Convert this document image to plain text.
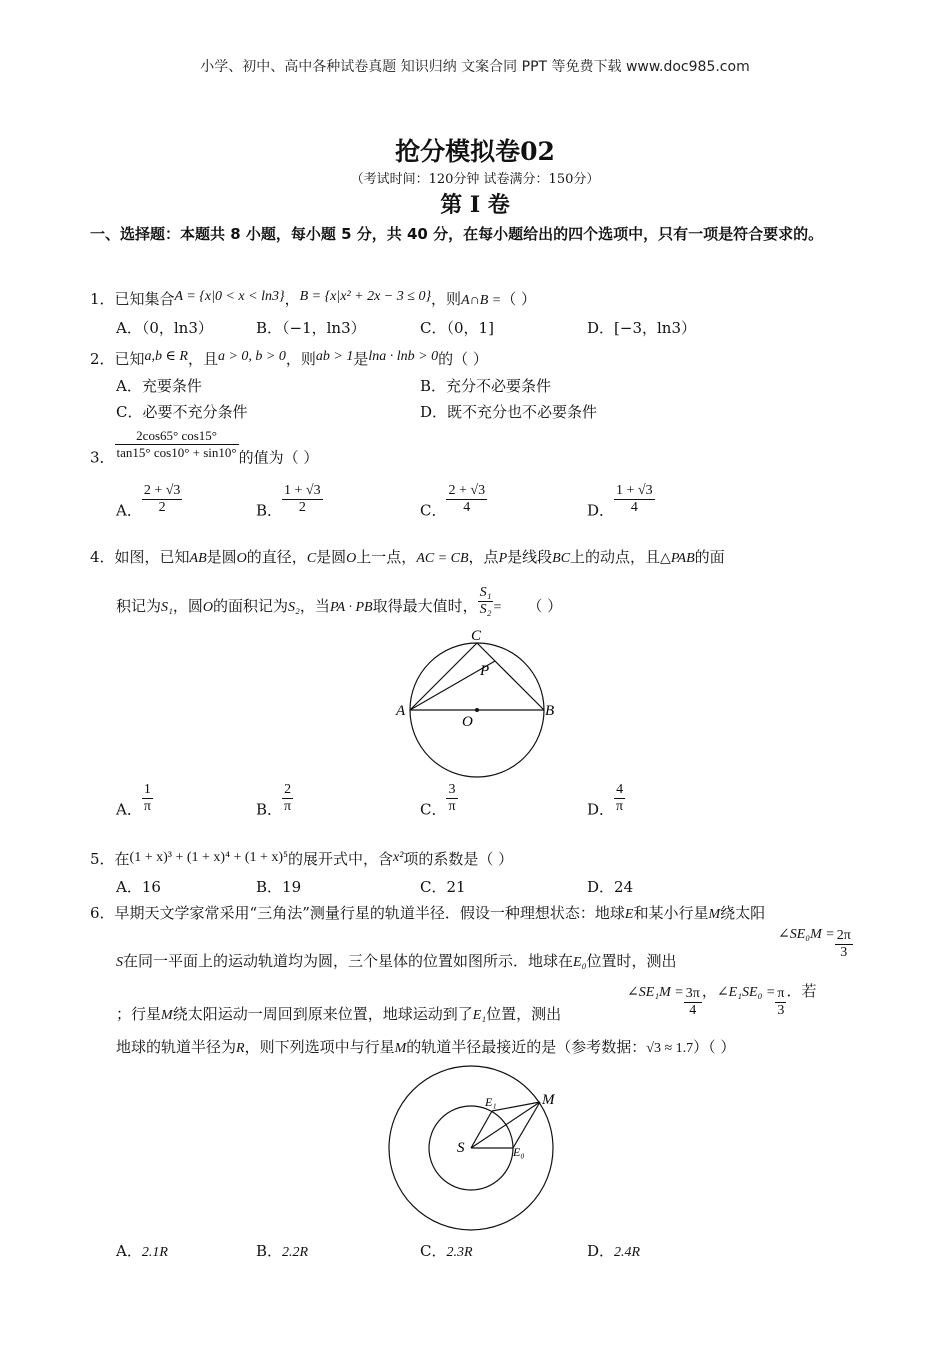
小学、初中、高中各种试卷真题 知识归纳 文案合同 PPT 等免费下载 www.doc985.com
抢分模拟卷02
（考试时间：120分钟 试卷满分：150分）
第 I 卷
一、选择题：本题共 8 小题，每小题 5 分，共 40 分，在每小题给出的四个选项中，只有一项是符合要求的。
1．已知集合A = {x|0 < x < ln3}，B = {x|x² + 2x − 3 ≤ 0}，则A∩B =（ ）
A．（0，ln3）	B．（−1，ln3）	C．（0，1]	D．[−3，ln3）
2．已知a,b ∈ R，且a > 0, b > 0，则ab > 1是lna · lnb > 0的（ ）
A．充要条件	B．充分不必要条件
C．必要不充分条件	D．既不充分也不必要条件
3． $\frac{2\cos 65^\circ \cos 15^\circ}{\tan 15^\circ \cos 10^\circ + \sin 10^\circ}$ 的值为（ ）
A． $\frac{2 + √3}{2}$	B． $\frac{1 + √3}{2}$	C． $\frac{2 + √3}{4}$	D． $\frac{1 + √3}{4}$
4．如图，已知AB是圆O的直径，C是圆O上一点，AC = CB，点P是线段BC上的动点，且△PAB的面
积记为S₁，圆O的面积记为S₂，当PA · PB取得最大值时， $\frac{\text{S₁}}{\text{S₂}}$ = （ ）
A	B
C
O
P
A． $\frac{1}{\pi}$	B． $\frac{2}{\pi}$	C． $\frac{3}{\pi}$	D． $\frac{4}{\pi}$
5．在(1 + x)³ + (1 + x)⁴ + (1 + x)⁵的展开式中，含x²项的系数是（ ）
A．16	B．19	C．21	D．24
6．早期天文学家常采用“三角法”测量行星的轨道半径．假设一种理想状态：地球E和某小行星M绕太阳
S在同一平面上的运动轨道均为圆，三个星体的位置如图所示．地球在E₀位置时，测出
∠SE₀M = $\frac{2\pi}{3}$
；行星M绕太阳运动一周回到原来位置，地球运动到了E₁位置，测出
∠SE₁M = $\frac{3\pi}{4}$ ，∠E₁SE₀ = $\frac{\pi}{3}$ ．若
地球的轨道半径为R，则下列选项中与行星M的轨道半径最接近的是（参考数据：√3 ≈ 1.7）（ ）
S	E₀
E₁	M
A．2.1R	B．2.2R	C．2.3R	D．2.4R
